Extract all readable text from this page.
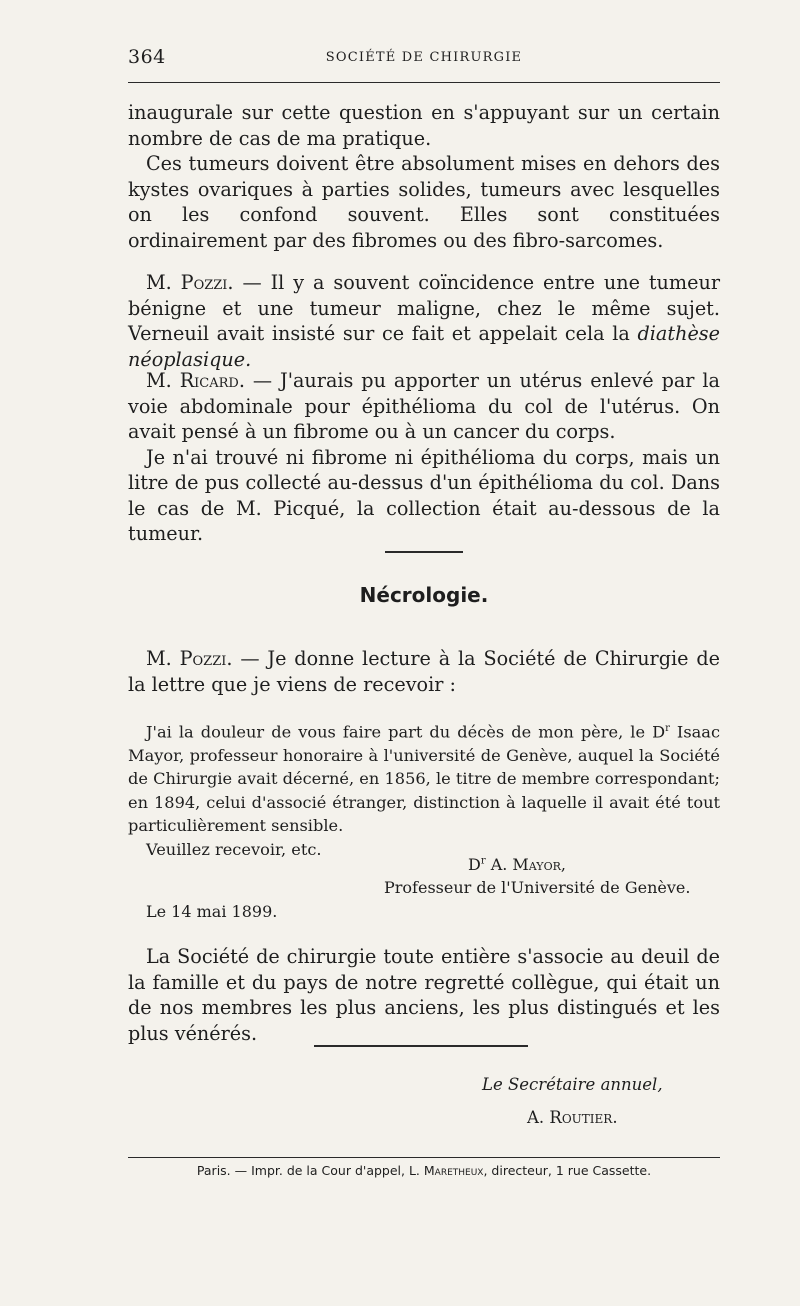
364	SOCIÉTÉ DE CHIRURGIE

inaugurale sur cette question en s'appuyant sur un certain nombre de cas de ma pratique.

Ces tumeurs doivent être absolument mises en dehors des kystes ovariques à parties solides, tumeurs avec lesquelles on les confond souvent. Elles sont constituées ordinairement par des fibromes ou des fibro-sarcomes.

M. Pozzi. — Il y a souvent coïncidence entre une tumeur bénigne et une tumeur maligne, chez le même sujet. Verneuil avait insisté sur ce fait et appelait cela la diathèse néoplasique.

M. Ricard. — J'aurais pu apporter un utérus enlevé par la voie abdominale pour épithélioma du col de l'utérus. On avait pensé à un fibrome ou à un cancer du corps.

Je n'ai trouvé ni fibrome ni épithélioma du corps, mais un litre de pus collecté au-dessus d'un épithélioma du col. Dans le cas de M. Picqué, la collection était au-dessous de la tumeur.

Nécrologie.

M. Pozzi. — Je donne lecture à la Société de Chirurgie de la lettre que je viens de recevoir :

J'ai la douleur de vous faire part du décès de mon père, le $D^r$ Isaac Mayor, professeur honoraire à l'université de Genève, auquel la Société de Chirurgie avait décerné, en 1856, le titre de membre correspondant; en 1894, celui d'associé étranger, distinction à laquelle il avait été tout particulièrement sensible.

Veuillez recevoir, etc.

$D^r$ A. Mayor,
Professeur de l'Université de Genève.
Le 14 mai 1899.

La Société de chirurgie toute entière s'associe au deuil de la famille et du pays de notre regretté collègue, qui était un de nos membres les plus anciens, les plus distingués et les plus vénérés.

Le Secrétaire annuel,
A. Routier.
Paris. — Impr. de la Cour d'appel, L. Maretheux, directeur, 1 rue Cassette.
